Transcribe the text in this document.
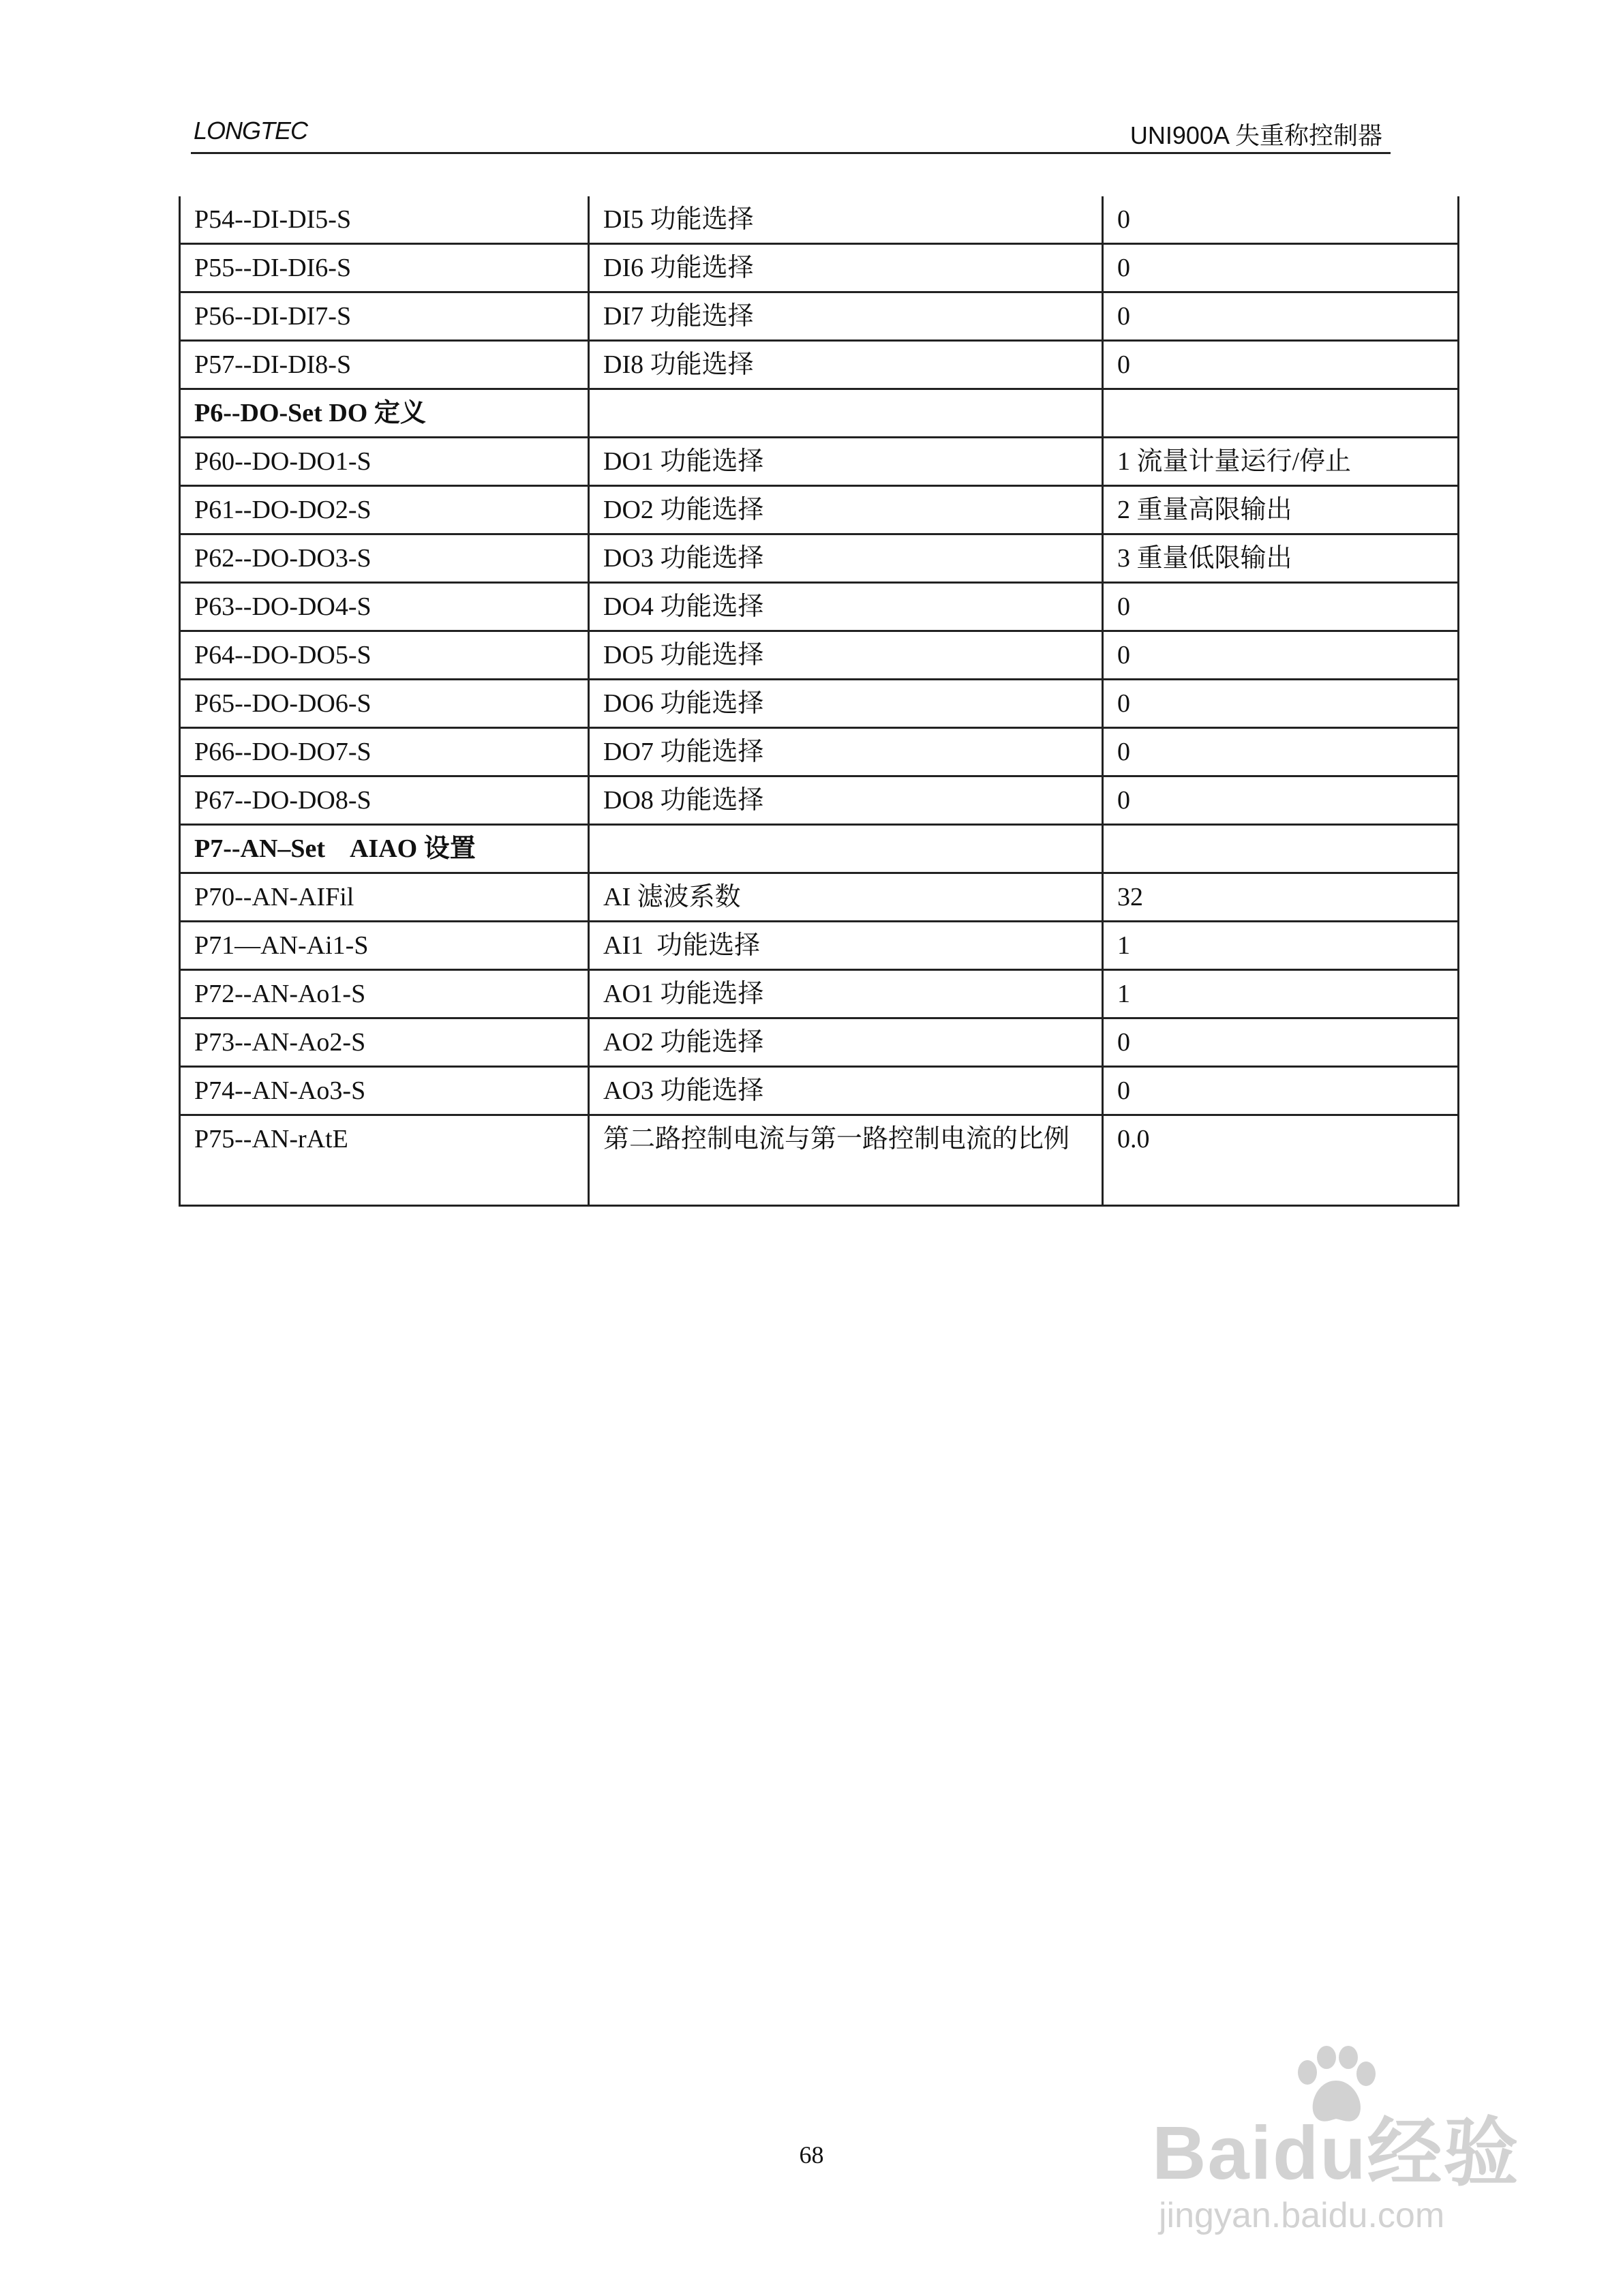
LONGTEC	UNI900A 失重称控制器
P54--DI-DI5-S	DI5 功能选择	0
P55--DI-DI6-S	DI6 功能选择	0
P56--DI-DI7-S	DI7 功能选择	0
P57--DI-DI8-S	DI8 功能选择	0
P6--DO-Set DO 定义		
P60--DO-DO1-S	DO1 功能选择	1 流量计量运行/停止
P61--DO-DO2-S	DO2 功能选择	2 重量高限输出
P62--DO-DO3-S	DO3 功能选择	3 重量低限输出
P63--DO-DO4-S	DO4 功能选择	0
P64--DO-DO5-S	DO5 功能选择	0
P65--DO-DO6-S	DO6 功能选择	0
P66--DO-DO7-S	DO7 功能选择	0
P67--DO-DO8-S	DO8 功能选择	0
P7--AN–Set    AIAO 设置		
P70--AN-AIFil	AI 滤波系数	32
P71—AN-Ai1-S	AI1  功能选择	1
P72--AN-Ao1-S	AO1 功能选择	1
P73--AN-Ao2-S	AO2 功能选择	0
P74--AN-Ao3-S	AO3 功能选择	0
P75--AN-rAtE	第二路控制电流与第一路控制电流的比例	0.0
68	Baidu经验
jingyan.baidu.com
